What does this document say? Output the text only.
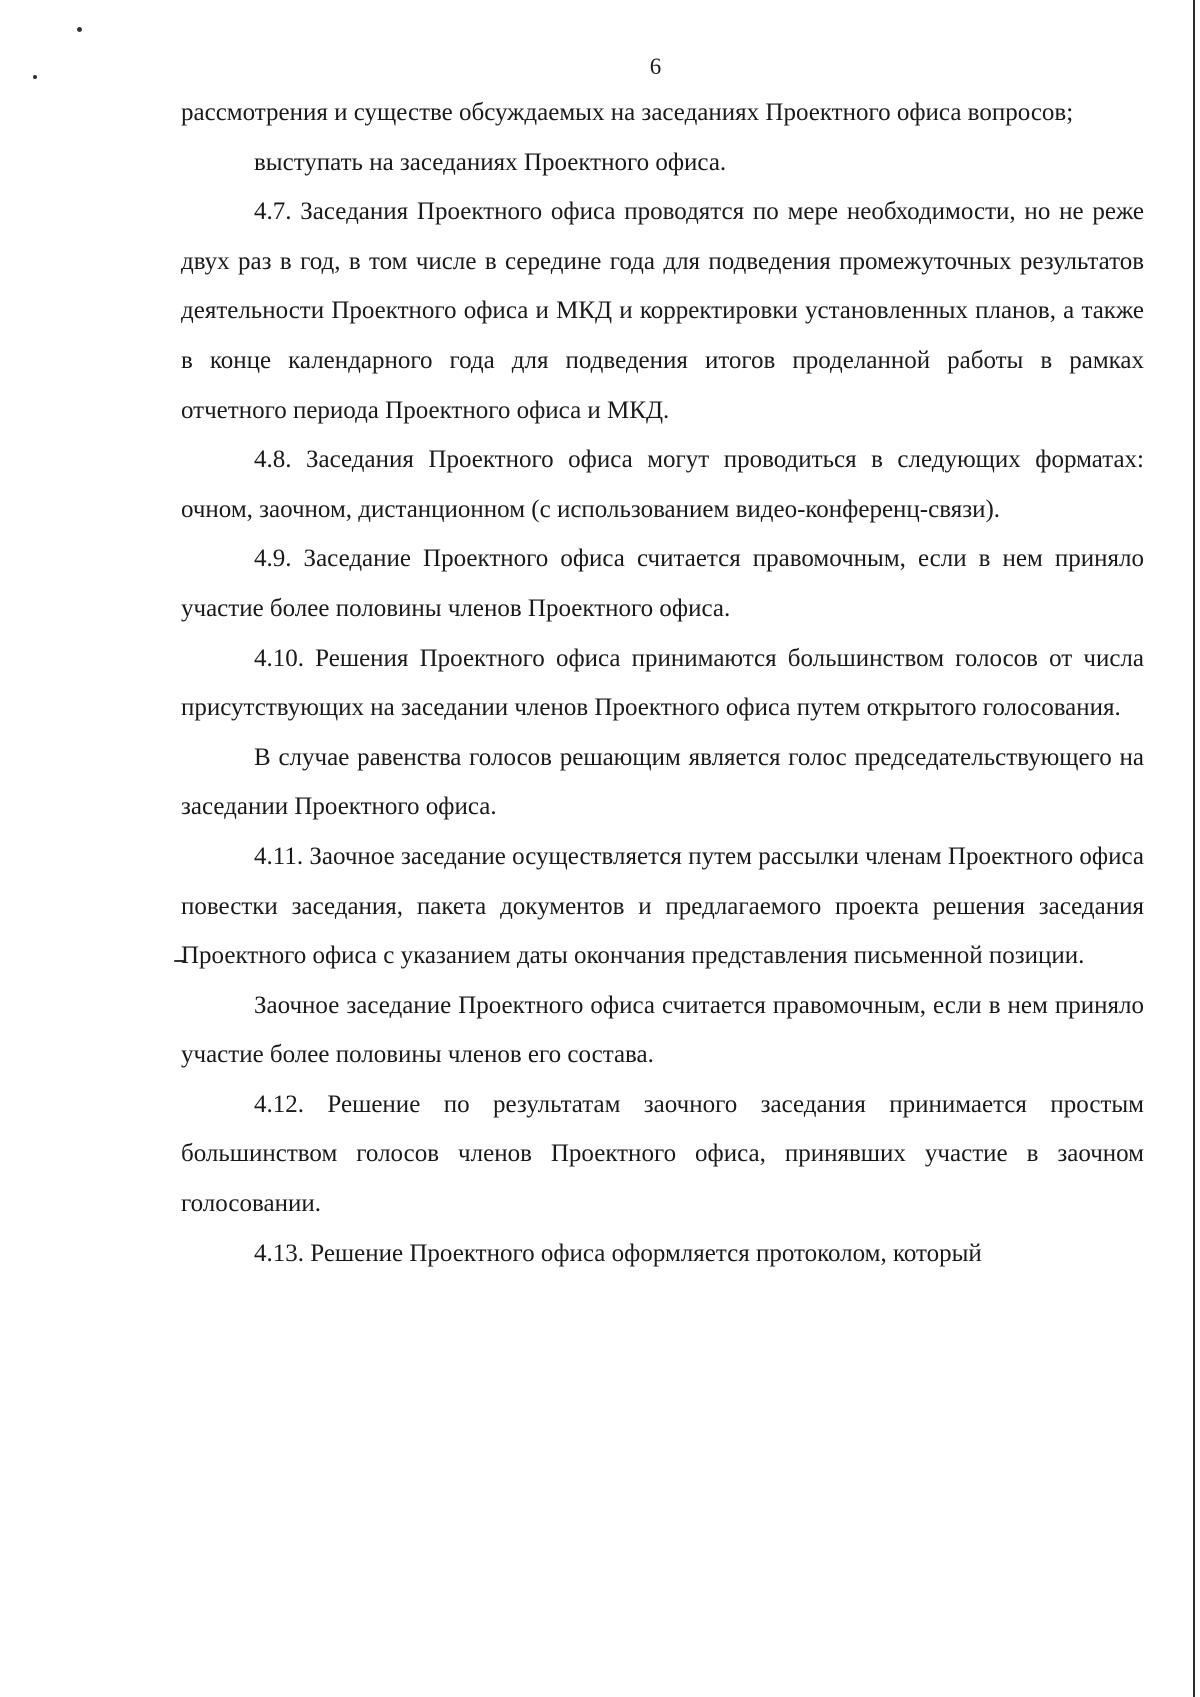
6

рассмотрения и существе обсуждаемых на заседаниях Проектного офиса вопросов;

выступать на заседаниях Проектного офиса.

4.7. Заседания Проектного офиса проводятся по мере необходимости, но не реже двух раз в год, в том числе в середине года для подведения промежуточных результатов деятельности Проектного офиса и МКД и корректировки установленных планов, а также в конце календарного года для подведения итогов проделанной работы в рамках отчетного периода Проектного офиса и МКД.

4.8. Заседания Проектного офиса могут проводиться в следующих форматах: очном, заочном, дистанционном (с использованием видео-конференц-связи).

4.9. Заседание Проектного офиса считается правомочным, если в нем приняло участие более половины членов Проектного офиса.

4.10. Решения Проектного офиса принимаются большинством голосов от числа присутствующих на заседании членов Проектного офиса путем открытого голосования.

В случае равенства голосов решающим является голос председательствующего на заседании Проектного офиса.

4.11. Заочное заседание осуществляется путем рассылки членам Проектного офиса повестки заседания, пакета документов и предлагаемого проекта решения заседания Проектного офиса с указанием даты окончания представления письменной позиции.

Заочное заседание Проектного офиса считается правомочным, если в нем приняло участие более половины членов его состава.

4.12. Решение по результатам заочного заседания принимается простым большинством голосов членов Проектного офиса, принявших участие в заочном голосовании.

4.13. Решение Проектного офиса оформляется протоколом, который
